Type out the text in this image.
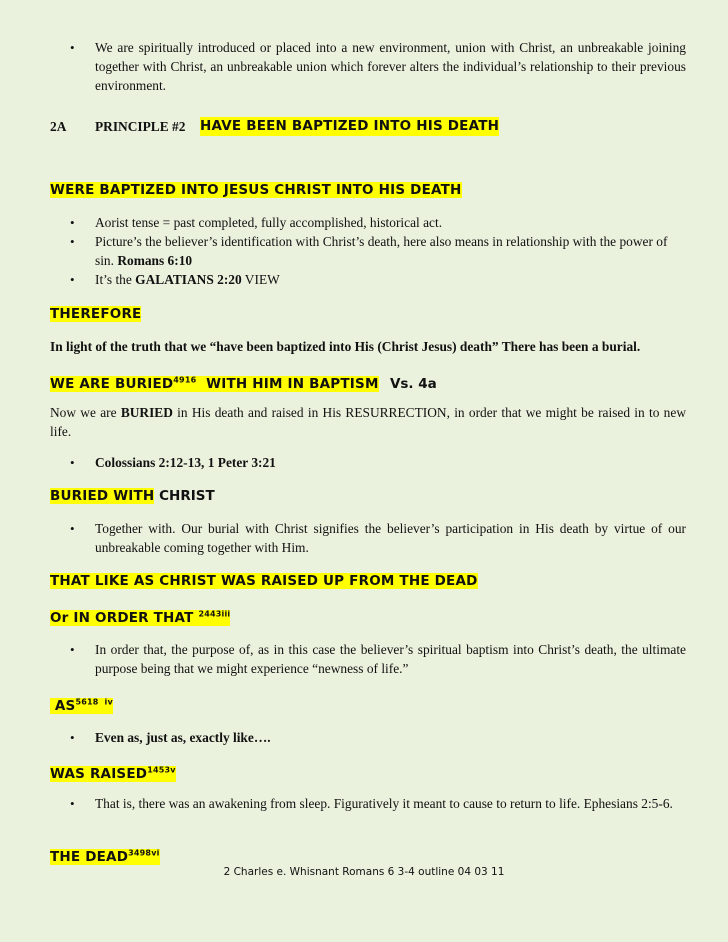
• We are spiritually introduced or placed into a new environment, union with Christ, an unbreakable joining together with Christ, an unbreakable union which forever alters the individual’s relationship to their previous environment.
2A PRINCIPLE #2 HAVE BEEN BAPTIZED INTO HIS DEATH
WERE BAPTIZED INTO JESUS CHRIST INTO HIS DEATH
• Aorist tense = past completed, fully accomplished, historical act.
• Picture’s the believer’s identification with Christ’s death, here also means in relationship with the power of sin. Romans 6:10
• It’s the GALATIANS 2:20 VIEW
THEREFORE
In light of the truth that we “have been baptized into His (Christ Jesus) death” There has been a burial.
WE ARE $BURIED^{4916}$  WITH HIM IN BAPTISM Vs. 4a
Now we are BURIED in His death and raised in His RESURRECTION, in order that we might be raised in to new life.
• Colossians 2:12-13, 1 Peter 3:21
BURIED WITH CHRIST
• Together with. Our burial with Christ signifies the believer’s participation in His death by virtue of our unbreakable coming together with Him.
THAT LIKE AS CHRIST WAS RAISED UP FROM THE DEAD
Or IN ORDER THAT $^{2443iii}$
• In order that, the purpose of, as in this case the believer’s spiritual baptism into Christ’s death, the ultimate purpose being that we might experience “newness of life.”
$AS^{5618 iv}$
• Even as, just as, exactly like….
WAS $RAISED^{1453v}$
• That is, there was an awakening from sleep. Figuratively it meant to cause to return to life. Ephesians 2:5-6.
THE $DEAD^{3498vi}$
2 Charles e. Whisnant Romans 6 3-4 outline 04 03 11
